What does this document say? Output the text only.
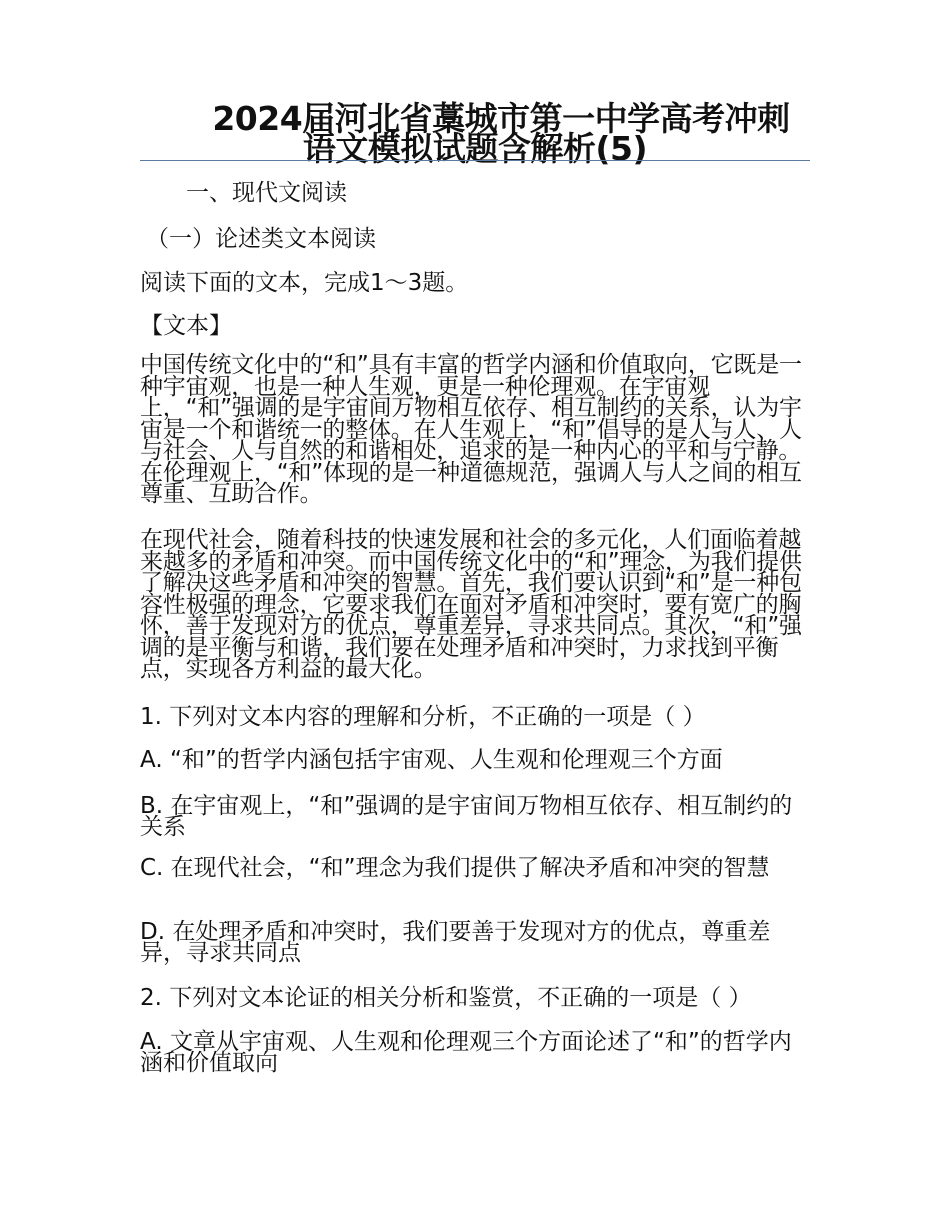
2024届河北省藁城市第一中学高考冲刺
语文模拟试题含解析(5)
一、现代文阅读
（一）论述类文本阅读
阅读下面的文本，完成1～3题。
【文本】
中国传统文化中的“和”具有丰富的哲学内涵和价值取向，它既是一种宇宙观，也是一种人生观，更是一种伦理观。在宇宙观上，“和”强调的是宇宙间万物相互依存、相互制约的关系，认为宇宙是一个和谐统一的整体。在人生观上，“和”倡导的是人与人、人与社会、人与自然的和谐相处，追求的是一种内心的平和与宁静。在伦理观上，“和”体现的是一种道德规范，强调人与人之间的相互尊重、互助合作。
在现代社会，随着科技的快速发展和社会的多元化，人们面临着越来越多的矛盾和冲突。而中国传统文化中的“和”理念，为我们提供了解决这些矛盾和冲突的智慧。首先，我们要认识到“和”是一种包容性极强的理念，它要求我们在面对矛盾和冲突时，要有宽广的胸怀，善于发现对方的优点，尊重差异，寻求共同点。其次，“和”强调的是平衡与和谐，我们要在处理矛盾和冲突时，力求找到平衡点，实现各方利益的最大化。
1. 下列对文本内容的理解和分析，不正确的一项是（ ）
A. “和”的哲学内涵包括宇宙观、人生观和伦理观三个方面
B. 在宇宙观上，“和”强调的是宇宙间万物相互依存、相互制约的关系
C. 在现代社会，“和”理念为我们提供了解决矛盾和冲突的智慧
D. 在处理矛盾和冲突时，我们要善于发现对方的优点，尊重差异，寻求共同点
2. 下列对文本论证的相关分析和鉴赏，不正确的一项是（ ）
A. 文章从宇宙观、人生观和伦理观三个方面论述了“和”的哲学内涵和价值取向
